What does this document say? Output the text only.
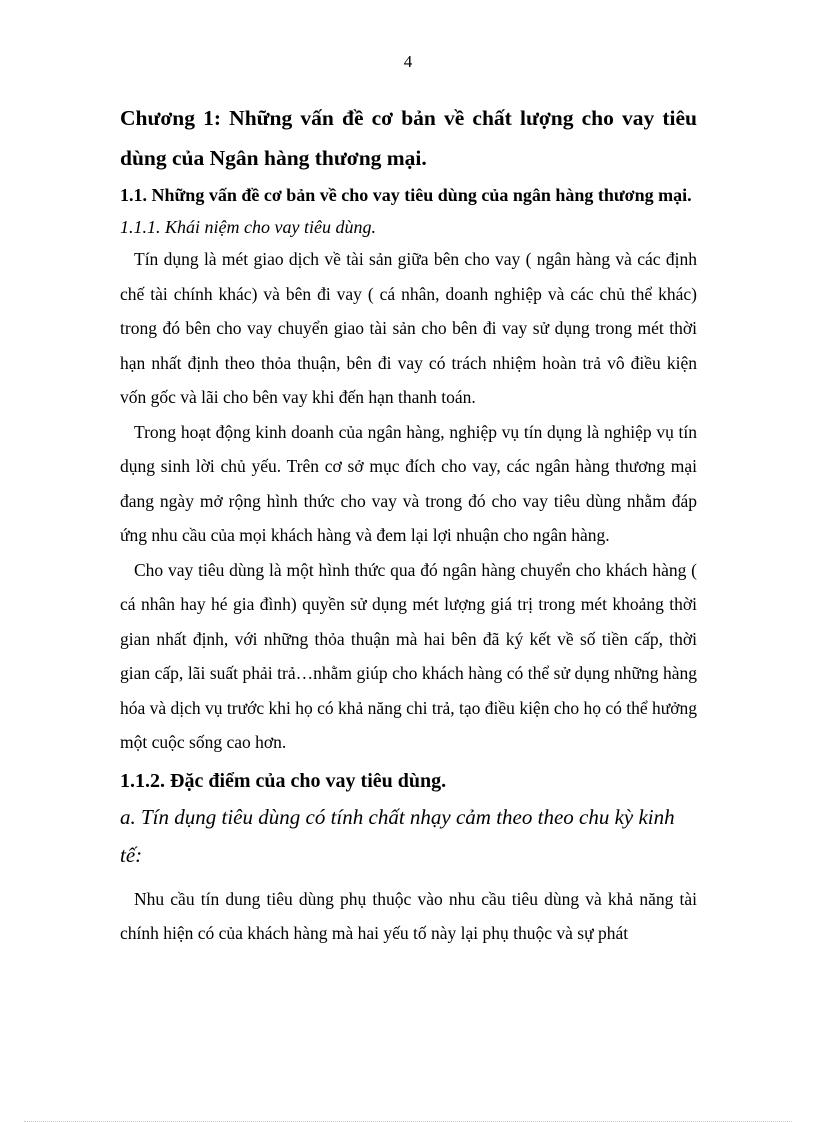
4

Chương 1: Những vấn đề cơ bản về chất lượng cho vay tiêu dùng của Ngân hàng thương mại.

1.1. Những vấn đề cơ bản về cho vay tiêu dùng của ngân hàng thương mại.

1.1.1. Khái niệm cho vay tiêu dùng.

Tín dụng là mét giao dịch về tài sản giữa bên cho vay ( ngân hàng và các định chế tài chính khác) và bên đi vay ( cá nhân, doanh nghiệp và các chủ thể khác) trong đó bên cho vay chuyển giao tài sản cho bên đi vay sử dụng trong mét thời hạn nhất định theo thỏa thuận, bên đi vay có trách nhiệm hoàn trả vô điều kiện vốn gốc và lãi cho bên vay khi đến hạn thanh toán.

Trong hoạt động kinh doanh của ngân hàng, nghiệp vụ tín dụng là nghiệp vụ tín dụng sinh lời chủ yếu. Trên cơ sở mục đích cho vay, các ngân hàng thương mại đang ngày mở rộng hình thức cho vay và trong đó cho vay tiêu dùng nhằm đáp ứng nhu cầu của mọi khách hàng và đem lại lợi nhuận cho ngân hàng.

Cho vay tiêu dùng là một hình thức qua đó ngân hàng chuyển cho khách hàng ( cá nhân hay hé gia đình) quyền sử dụng mét lượng giá trị trong mét khoảng thời gian nhất định, với những thỏa thuận mà hai bên đã ký kết về số tiền cấp, thời gian cấp, lãi suất phải trả…nhằm giúp cho khách hàng có thể sử dụng những hàng hóa và dịch vụ trước khi họ có khả năng chi trả, tạo điều kiện cho họ có thể hưởng một cuộc sống cao hơn.

1.1.2. Đặc điểm của cho vay tiêu dùng.

a. Tín dụng tiêu dùng có tính chất nhạy cảm theo theo chu kỳ kinh tế:

Nhu cầu tín dung tiêu dùng phụ thuộc vào nhu cầu tiêu dùng và khả năng tài chính hiện có của khách hàng mà hai yếu tố này lại phụ thuộc và sự phát
